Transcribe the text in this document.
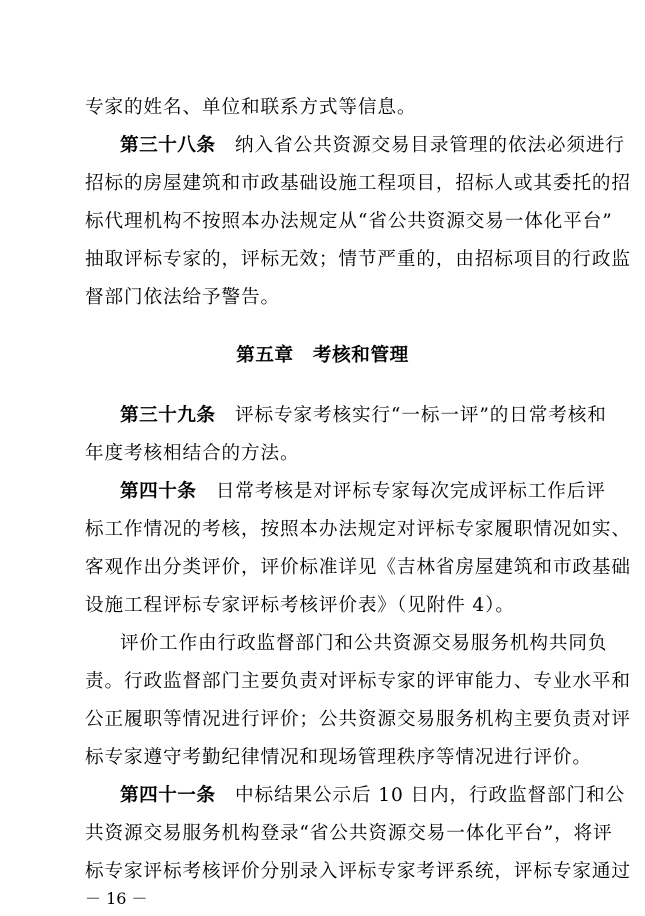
专家的姓名、单位和联系方式等信息。
第三十八条　 纳入省公共资源交易目录管理的依法必须进行
招标的房屋建筑和市政基础设施工程项目，招标人或其委托的招
标代理机构不按照本办法规定从“省公共资源交易一体化平台”
抽取评标专家的，评标无效；情节严重的，由招标项目的行政监
督部门依法给予警告。
第五章　考核和管理
第三十九条　 评标专家考核实行“一标一评”的日常考核和
年度考核相结合的方法。
第四十条　 日常考核是对评标专家每次完成评标工作后评
标工作情况的考核，按照本办法规定对评标专家履职情况如实、
客观作出分类评价，评价标准详见《吉林省房屋建筑和市政基础
设施工程评标专家评标考核评价表》（见附件 4）。
评价工作由行政监督部门和公共资源交易服务机构共同负
责。行政监督部门主要负责对评标专家的评审能力、专业水平和
公正履职等情况进行评价；公共资源交易服务机构主要负责对评
标专家遵守考勤纪律情况和现场管理秩序等情况进行评价。
第四十一条　 中标结果公示后 10 日内，行政监督部门和公
共资源交易服务机构登录“省公共资源交易一体化平台”，将评
标专家评标考核评价分别录入评标专家考评系统，评标专家通过
－ 16 －
